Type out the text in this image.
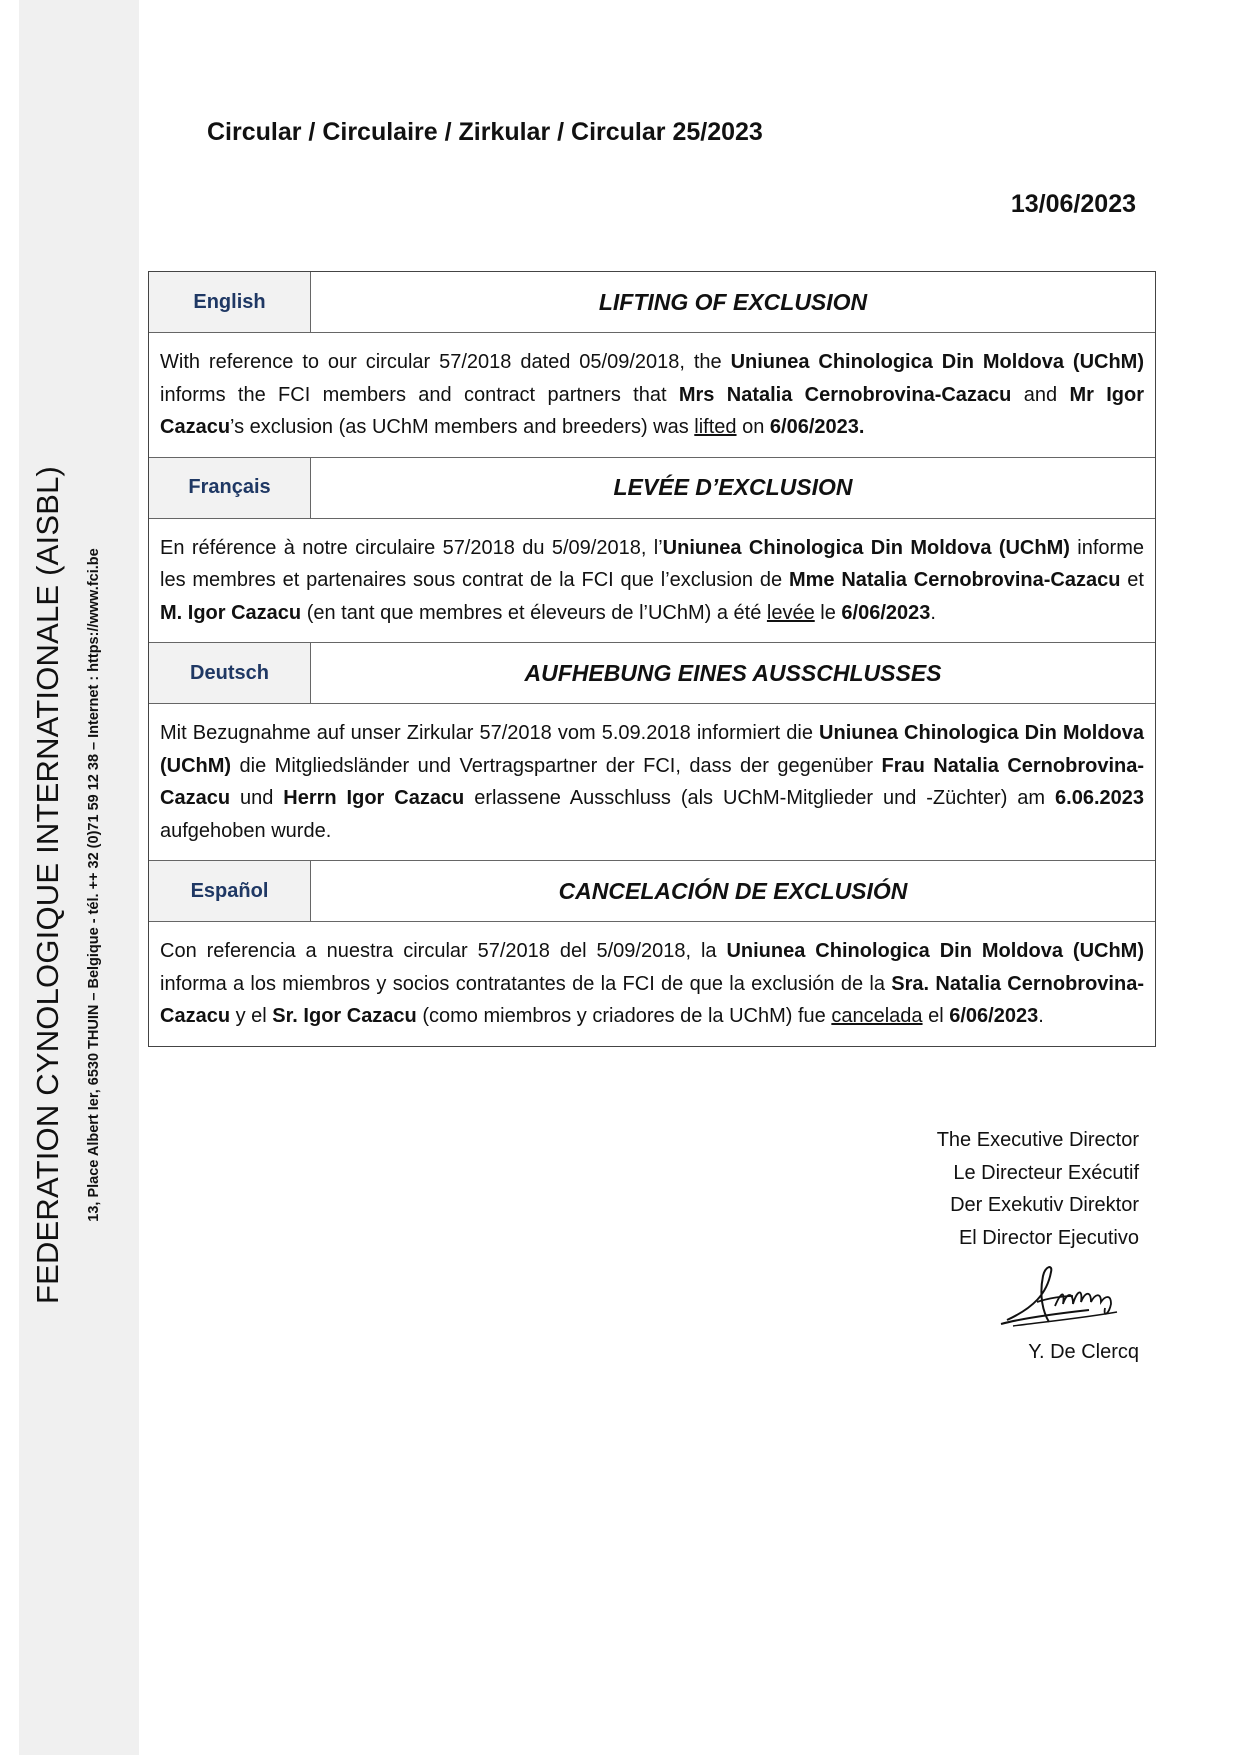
FEDERATION CYNOLOGIQUE INTERNATIONALE (AISBL) 13, Place Albert Ier, 6530 THUIN – Belgique - tél. ++ 32 (0)71 59 12 38 – Internet : https://www.fci.be
Circular / Circulaire / Zirkular / Circular 25/2023
13/06/2023
English	LIFTING OF EXCLUSION
With reference to our circular 57/2018 dated 05/09/2018, the Uniunea Chinologica Din Moldova (UChM) informs the FCI members and contract partners that Mrs Natalia Cernobrovina-Cazacu and Mr Igor Cazacu’s exclusion (as UChM members and breeders) was lifted on 6/06/2023.
Français	LEVÉE D’EXCLUSION
En référence à notre circulaire 57/2018 du 5/09/2018, l’Uniunea Chinologica Din Moldova (UChM) informe les membres et partenaires sous contrat de la FCI que l’exclusion de Mme Natalia Cernobrovina-Cazacu et M. Igor Cazacu (en tant que membres et éleveurs de l’UChM) a été levée le 6/06/2023.
Deutsch	AUFHEBUNG EINES AUSSCHLUSSES
Mit Bezugnahme auf unser Zirkular 57/2018 vom 5.09.2018 informiert die Uniunea Chinologica Din Moldova (UChM) die Mitgliedsländer und Vertragspartner der FCI, dass der gegenüber Frau Natalia Cernobrovina-Cazacu und Herrn Igor Cazacu erlassene Ausschluss (als UChM-Mitglieder und -Züchter) am 6.06.2023 aufgehoben wurde.
Español	CANCELACIÓN DE EXCLUSIÓN
Con referencia a nuestra circular 57/2018 del 5/09/2018, la Uniunea Chinologica Din Moldova (UChM) informa a los miembros y socios contratantes de la FCI de que la exclusión de la Sra. Natalia Cernobrovina-Cazacu y el Sr. Igor Cazacu (como miembros y criadores de la UChM) fue cancelada el 6/06/2023.
The Executive Director
Le Directeur Exécutif
Der Exekutiv Direktor
El Director Ejecutivo
Y. De Clercq
